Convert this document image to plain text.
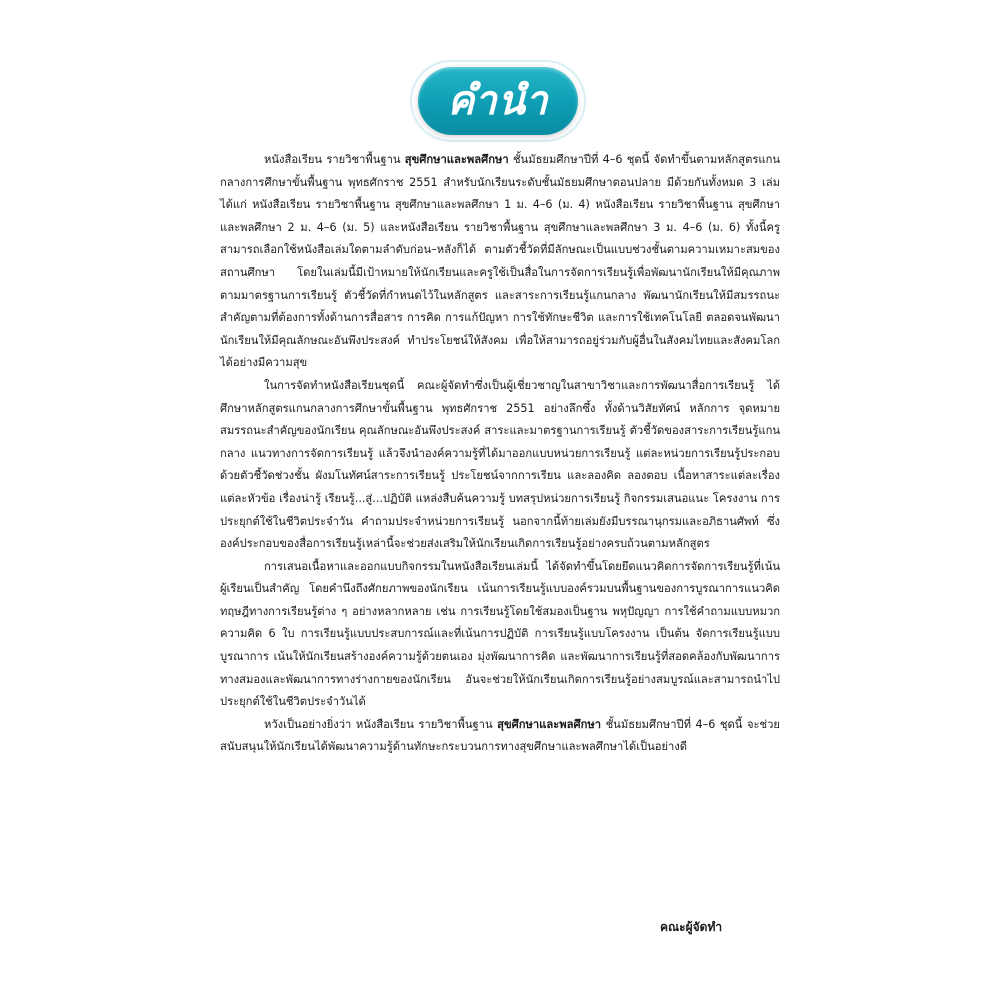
คำนำ

หนังสือเรียน รายวิชาพื้นฐาน สุขศึกษาและพลศึกษา ชั้นมัธยมศึกษาปีที่ 4–6 ชุดนี้ จัดทำขึ้นตามหลักสูตรแกนกลางการศึกษาขั้นพื้นฐาน พุทธศักราช 2551 สำหรับนักเรียนระดับชั้นมัธยมศึกษาตอนปลาย มีด้วยกันทั้งหมด 3 เล่ม ได้แก่ หนังสือเรียน รายวิชาพื้นฐาน สุขศึกษาและพลศึกษา 1 ม. 4–6 (ม. 4) หนังสือเรียน รายวิชาพื้นฐาน สุขศึกษาและพลศึกษา 2 ม. 4–6 (ม. 5) และหนังสือเรียน รายวิชาพื้นฐาน สุขศึกษาและพลศึกษา 3 ม. 4–6 (ม. 6) ทั้งนี้ครูสามารถเลือกใช้หนังสือเล่มใดตามลำดับก่อน–หลังก็ได้ ตามตัวชี้วัดที่มีลักษณะเป็นแบบช่วงชั้นตามความเหมาะสมของสถานศึกษา โดยในเล่มนี้มีเป้าหมายให้นักเรียนและครูใช้เป็นสื่อในการจัดการเรียนรู้เพื่อพัฒนานักเรียนให้มีคุณภาพตามมาตรฐานการเรียนรู้ ตัวชี้วัดที่กำหนดไว้ในหลักสูตร และสาระการเรียนรู้แกนกลาง พัฒนานักเรียนให้มีสมรรถนะสำคัญตามที่ต้องการทั้งด้านการสื่อสาร การคิด การแก้ปัญหา การใช้ทักษะชีวิต และการใช้เทคโนโลยี ตลอดจนพัฒนานักเรียนให้มีคุณลักษณะอันพึงประสงค์ ทำประโยชน์ให้สังคม เพื่อให้สามารถอยู่ร่วมกับผู้อื่นในสังคมไทยและสังคมโลกได้อย่างมีความสุข

ในการจัดทำหนังสือเรียนชุดนี้ คณะผู้จัดทำซึ่งเป็นผู้เชี่ยวชาญในสาขาวิชาและการพัฒนาสื่อการเรียนรู้ ได้ศึกษาหลักสูตรแกนกลางการศึกษาขั้นพื้นฐาน พุทธศักราช 2551 อย่างลึกซึ้ง ทั้งด้านวิสัยทัศน์ หลักการ จุดหมาย สมรรถนะสำคัญของนักเรียน คุณลักษณะอันพึงประสงค์ สาระและมาตรฐานการเรียนรู้ ตัวชี้วัดของสาระการเรียนรู้แกนกลาง แนวทางการจัดการเรียนรู้ แล้วจึงนำองค์ความรู้ที่ได้มาออกแบบหน่วยการเรียนรู้ แต่ละหน่วยการเรียนรู้ประกอบด้วยตัวชี้วัดช่วงชั้น ผังมโนทัศน์สาระการเรียนรู้ ประโยชน์จากการเรียน และลองคิด ลองตอบ เนื้อหาสาระแต่ละเรื่องแต่ละหัวข้อ เรื่องน่ารู้ เรียนรู้...สู่...ปฏิบัติ แหล่งสืบค้นความรู้ บทสรุปหน่วยการเรียนรู้ กิจกรรมเสนอแนะ โครงงาน การประยุกต์ใช้ในชีวิตประจำวัน คำถามประจำหน่วยการเรียนรู้ นอกจากนี้ท้ายเล่มยังมีบรรณานุกรมและอภิธานศัพท์ ซึ่งองค์ประกอบของสื่อการเรียนรู้เหล่านี้จะช่วยส่งเสริมให้นักเรียนเกิดการเรียนรู้อย่างครบถ้วนตามหลักสูตร

การเสนอเนื้อหาและออกแบบกิจกรรมในหนังสือเรียนเล่มนี้ ได้จัดทำขึ้นโดยยึดแนวคิดการจัดการเรียนรู้ที่เน้นผู้เรียนเป็นสำคัญ โดยคำนึงถึงศักยภาพของนักเรียน เน้นการเรียนรู้แบบองค์รวมบนพื้นฐานของการบูรณาการแนวคิดทฤษฎีทางการเรียนรู้ต่าง ๆ อย่างหลากหลาย เช่น การเรียนรู้โดยใช้สมองเป็นฐาน พหุปัญญา การใช้คำถามแบบหมวกความคิด 6 ใบ การเรียนรู้แบบประสบการณ์และที่เน้นการปฏิบัติ การเรียนรู้แบบโครงงาน เป็นต้น จัดการเรียนรู้แบบบูรณาการ เน้นให้นักเรียนสร้างองค์ความรู้ด้วยตนเอง มุ่งพัฒนาการคิด และพัฒนาการเรียนรู้ที่สอดคล้องกับพัฒนาการทางสมองและพัฒนาการทางร่างกายของนักเรียน อันจะช่วยให้นักเรียนเกิดการเรียนรู้อย่างสมบูรณ์และสามารถนำไปประยุกต์ใช้ในชีวิตประจำวันได้

หวังเป็นอย่างยิ่งว่า หนังสือเรียน รายวิชาพื้นฐาน สุขศึกษาและพลศึกษา ชั้นมัธยมศึกษาปีที่ 4–6 ชุดนี้ จะช่วยสนับสนุนให้นักเรียนได้พัฒนาความรู้ด้านทักษะกระบวนการทางสุขศึกษาและพลศึกษาได้เป็นอย่างดี

คณะผู้จัดทำ
